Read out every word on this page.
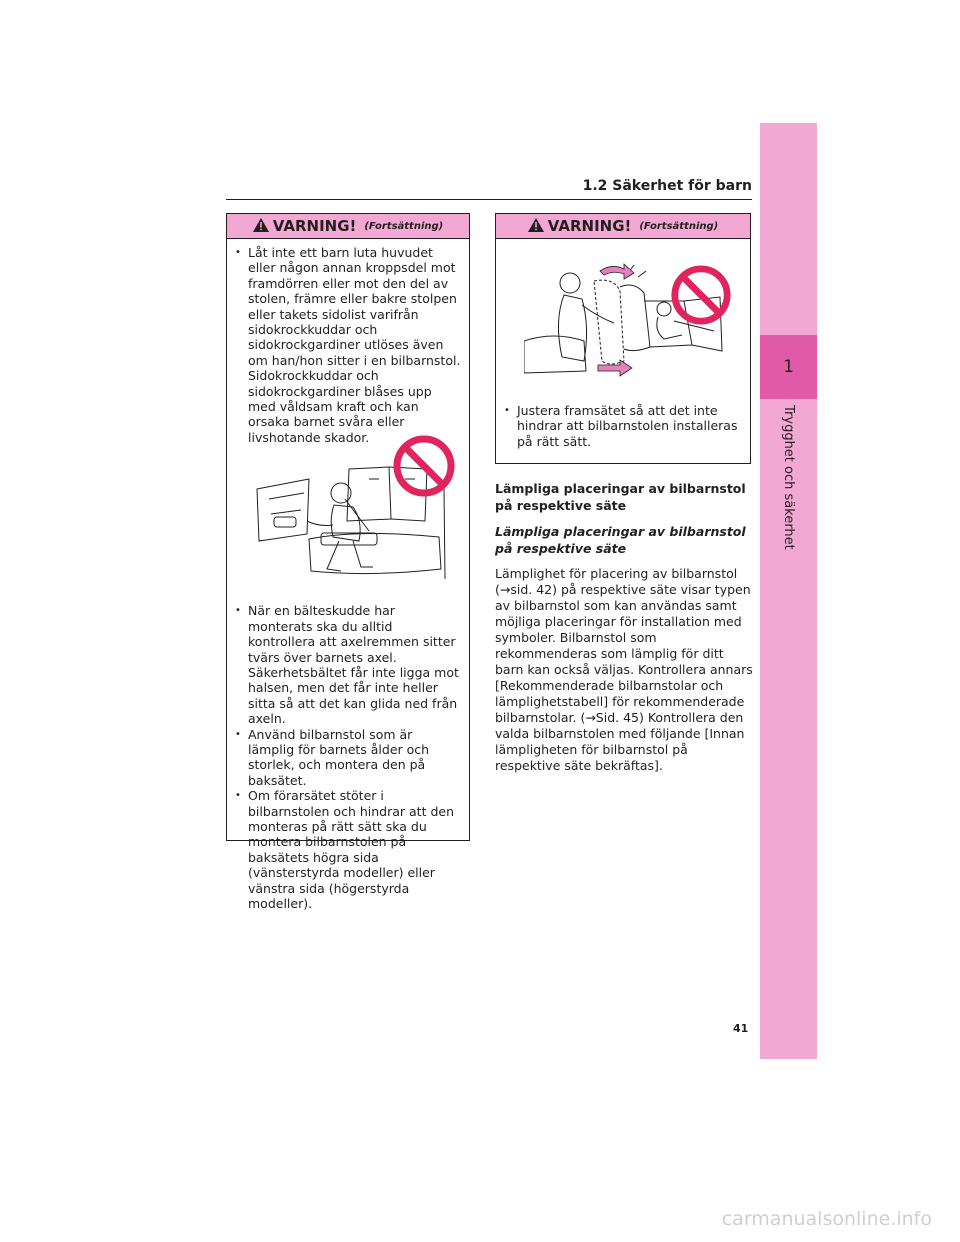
1.2 Säkerhet för barn
1
Trygghet och säkerhet
VARNING! (Fortsättning)
• Låt inte ett barn luta huvudet eller någon annan kroppsdel mot framdörren eller mot den del av stolen, främre eller bakre stolpen eller takets sidolist varifrån sidokrockkuddar och sidokrockgardiner utlöses även om han/hon sitter i en bilbarnstol. Sidokrockkuddar och sidokrockgardiner blåses upp med våldsam kraft och kan orsaka barnet svåra eller livshotande skador.
• När en bälteskudde har monterats ska du alltid kontrollera att axelremmen sitter tvärs över barnets axel. Säkerhetsbältet får inte ligga mot halsen, men det får inte heller sitta så att det kan glida ned från axeln.
• Använd bilbarnstol som är lämplig för barnets ålder och storlek, och montera den på baksätet.
• Om förarsätet stöter i bilbarnstolen och hindrar att den monteras på rätt sätt ska du montera bilbarnstolen på baksätets högra sida (vänsterstyrda modeller) eller vänstra sida (högerstyrda modeller).
VARNING! (Fortsättning)
• Justera framsätet så att det inte hindrar att bilbarnstolen installeras på rätt sätt.
Lämpliga placeringar av bilbarnstol på respektive säte
Lämpliga placeringar av bilbarnstol på respektive säte
Lämplighet för placering av bilbarnstol (→sid. 42) på respektive säte visar typen av bilbarnstol som kan användas samt möjliga placeringar för installation med symboler. Bilbarnstol som rekommenderas som lämplig för ditt barn kan också väljas. Kontrollera annars [Rekommenderade bilbarnstolar och lämplighetstabell] för rekommenderade bilbarnstolar. (→Sid. 45) Kontrollera den valda bilbarnstolen med följande [Innan lämpligheten för bilbarnstol på respektive säte bekräftas].
41
carmanualsonline.info
